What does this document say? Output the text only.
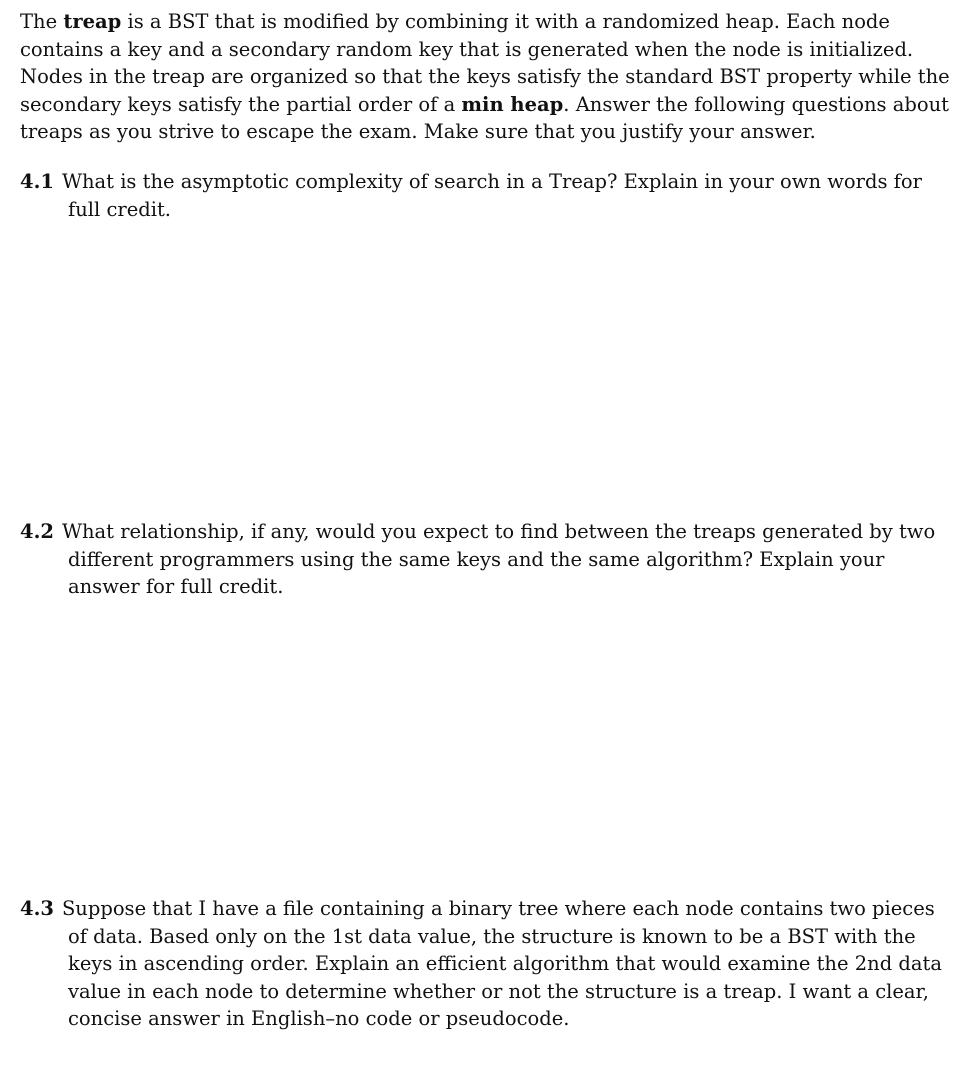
The treap is a BST that is modified by combining it with a randomized heap. Each node contains a key and a secondary random key that is generated when the node is initialized. Nodes in the treap are organized so that the keys satisfy the standard BST property while the secondary keys satisfy the partial order of a min heap. Answer the following questions about treaps as you strive to escape the exam. Make sure that you justify your answer.

4.1 What is the asymptotic complexity of search in a Treap? Explain in your own words for full credit.

4.2 What relationship, if any, would you expect to find between the treaps generated by two different programmers using the same keys and the same algorithm? Explain your answer for full credit.

4.3 Suppose that I have a file containing a binary tree where each node contains two pieces of data. Based only on the 1st data value, the structure is known to be a BST with the keys in ascending order. Explain an efficient algorithm that would examine the 2nd data value in each node to determine whether or not the structure is a treap. I want a clear, concise answer in English–no code or pseudocode.
